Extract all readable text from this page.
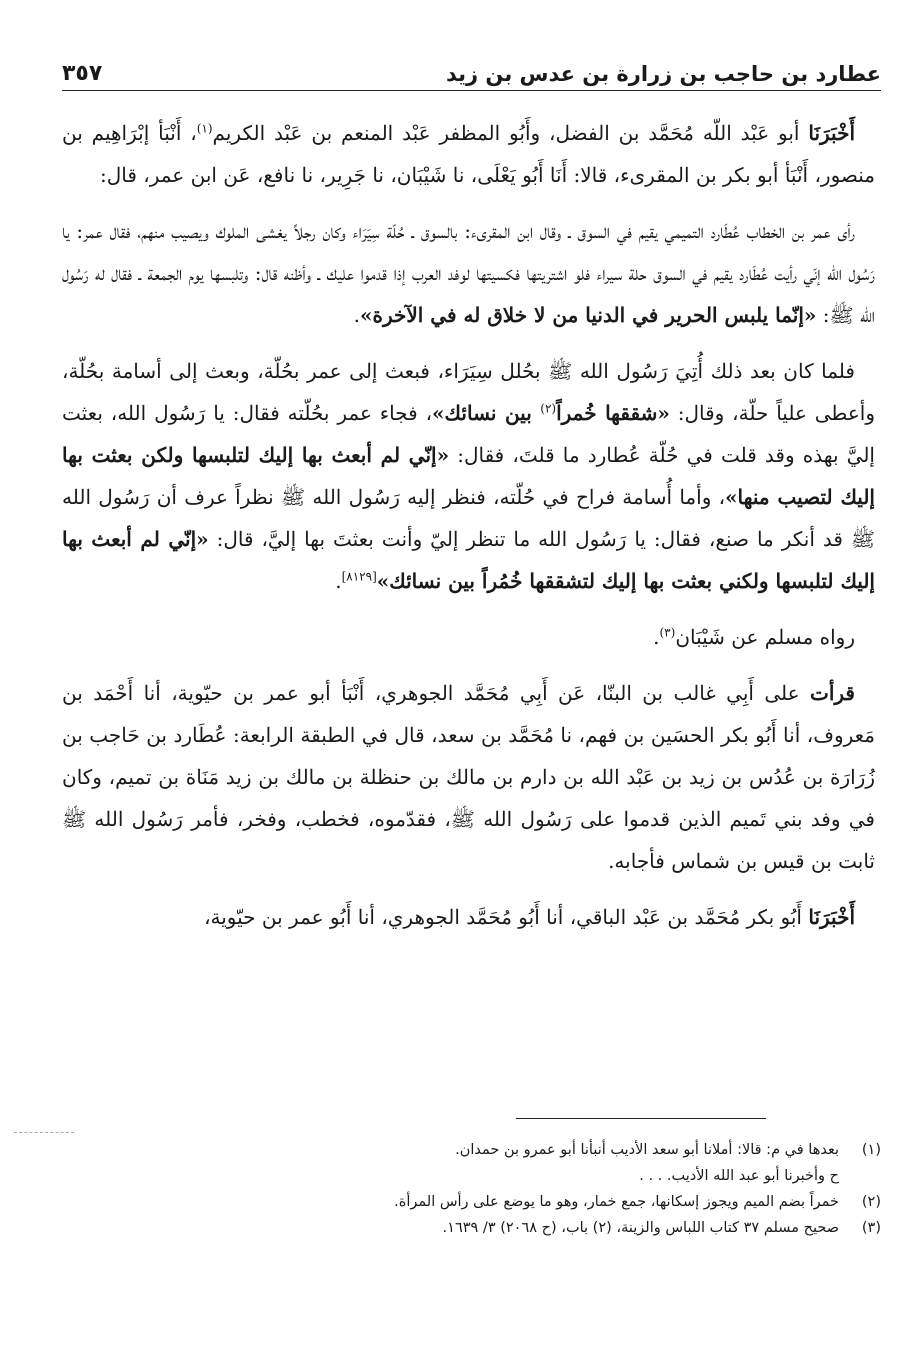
عطارد بن حاجب بن زرارة بن عدس بن زيد
٣٥٧

أَخْبَرَنَا أبو عَبْد اللّه مُحَمَّد بن الفضل، وأَبُو المظفر عَبْد المنعم بن عَبْد الكريم$^{(١)}$، أَنْبَأ إبْرَاهِيم بن منصور، أَنْبَأ أبو بكر بن المقرىء، قالا: أَنَا أَبُو يَعْلَى، نا شَيْبَان، نا جَرِير، نا نافع، عَن ابن عمر، قال:

رأى عمر بن الخطاب عُطَارد التميمي يقيم في السوق ـ وقال ابن المقرىء: بالسوق ـ حُلّة سِيَرَاء وكان رجلاً يغشى الملوك ويصيب منهم، فقال عمر: يا رَسُول الله إنّي رأيت عُطَارد يقيم في السوق حلة سيراء فلو اشتريتها فكسيتها لوفد العرب إذا قدموا عليك ـ وأظنه قال: وتلبسها يوم الجمعة ـ فقال له رَسُول الله ﷺ: «إنّما يلبس الحرير في الدنيا من لا خلاق له في الآخرة».

فلما كان بعد ذلك أُتِيَ رَسُول الله ﷺ بحُلل سِيَرَاء، فبعث إلى عمر بحُلّة، وبعث إلى أسامة بحُلّة، وأعطى علياً حلّة، وقال: «شققها خُمراً$^{(٢)}$ بين نسائك»، فجاء عمر بحُلّته فقال: يا رَسُول الله، بعثت إليَّ بهذه وقد قلت في حُلّة عُطارد ما قلتَ، فقال: «إنّي لم أبعث بها إليك لتلبسها ولكن بعثت بها إليك لتصيب منها»، وأما أُسامة فراح في حُلّته، فنظر إليه رَسُول الله ﷺ نظراً عرف أن رَسُول الله ﷺ قد أنكر ما صنع، فقال: يا رَسُول الله ما تنظر إليّ وأنت بعثتَ بها إليَّ، قال: «إنّي لم أبعث بها إليك لتلبسها ولكني بعثت بها إليك لتشققها خُمُراً بين نسائك»[٨١٢٩].

رواه مسلم عن شَيْبَان$^{(٣)}$.

قرأت على أَبِي غالب بن البنّا، عَن أَبِي مُحَمَّد الجوهري، أَنْبَأ أبو عمر بن حيّوية، أنا أَحْمَد بن مَعروف، أنا أَبُو بكر الحسَين بن فهم، نا مُحَمَّد بن سعد، قال في الطبقة الرابعة: عُطَارد بن حَاجب بن زُرَارَة بن عُدُس بن زيد بن عَبْد الله بن دارم بن مالك بن حنظلة بن مالك بن زيد مَنَاة بن تميم، وكان في وفد بني تَميم الذين قدموا على رَسُول الله ﷺ، فقدّموه، فخطب، وفخر، فأمر رَسُول الله ﷺ ثابت بن قيس بن شماس فأجابه.

أَخْبَرَنَا أَبُو بكر مُحَمَّد بن عَبْد الباقي، أنا أَبُو مُحَمَّد الجوهري، أنا أَبُو عمر بن حيّوية،

(١)
بعدها في م: قالا: أملانا أبو سعد الأديب أنبأنا أبو عمرو بن حمدان.
ح وأخبرنا أبو عبد الله الأديب. . . .
(٢)
خمراً بضم الميم ويجوز إسكانها، جمع خمار، وهو ما يوضع على رأس المرأة.
(٣)
صحيح مسلم ٣٧ كتاب اللباس والزينة، (٢) باب، (ح ٢٠٦٨) ٣/ ١٦٣٩.
